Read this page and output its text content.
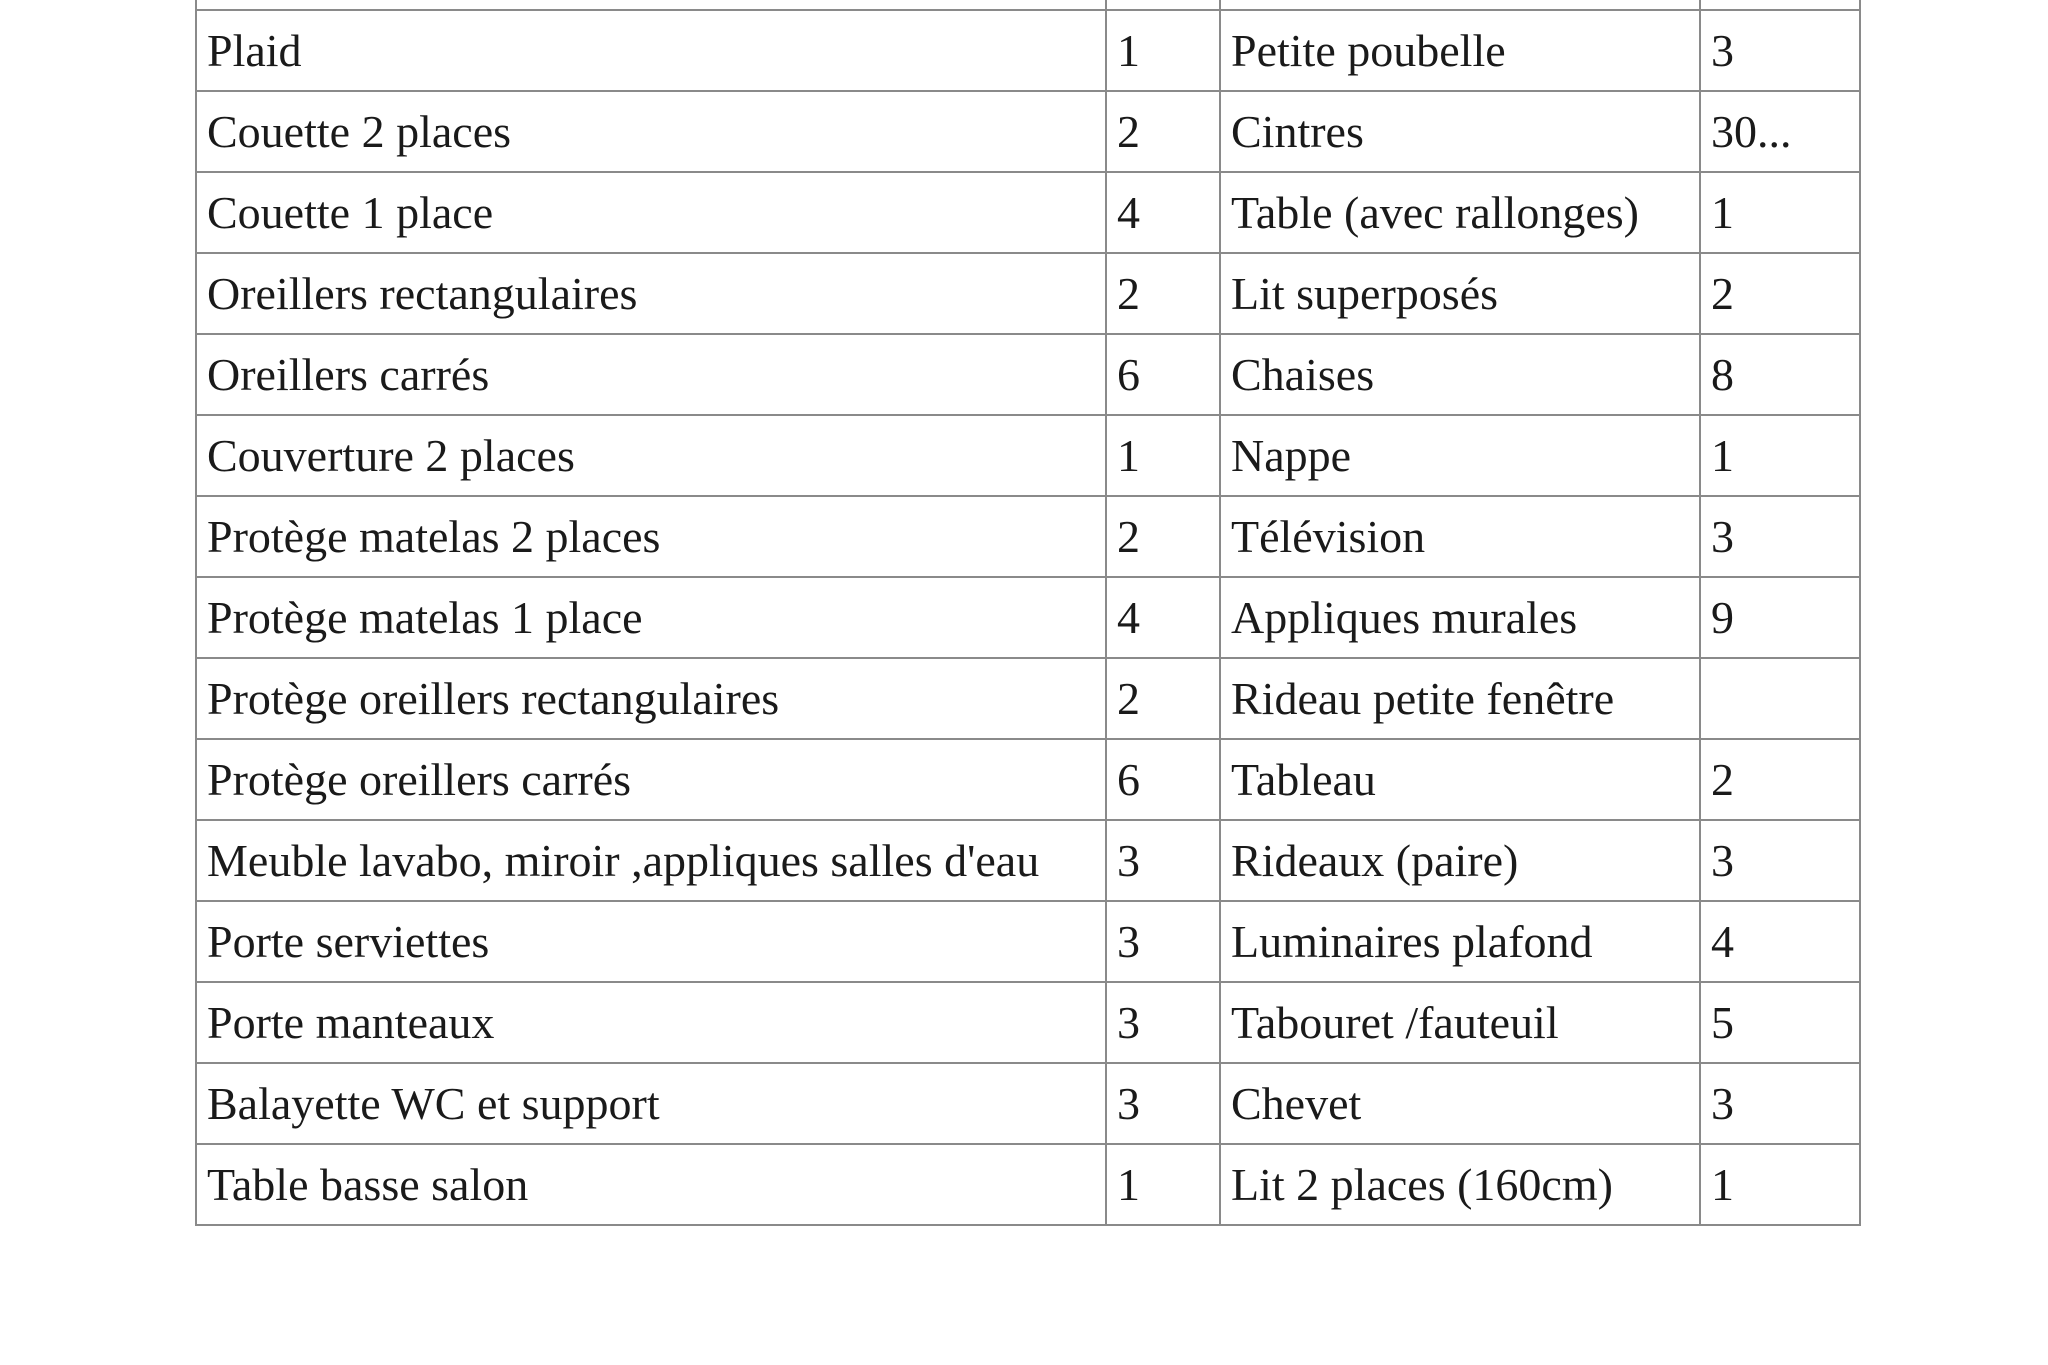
Plaid	1	Petite poubelle	3
Couette 2 places	2	Cintres	30...
Couette 1 place	4	Table (avec rallonges)	1
Oreillers rectangulaires	2	Lit superposés	2
Oreillers carrés	6	Chaises	8
Couverture 2 places	1	Nappe	1
Protège matelas 2 places	2	Télévision	3
Protège matelas 1 place	4	Appliques murales	9
Protège oreillers rectangulaires	2	Rideau petite fenêtre	
Protège oreillers carrés	6	Tableau	2
Meuble lavabo, miroir ,appliques salles d'eau	3	Rideaux (paire)	3
Porte serviettes	3	Luminaires plafond	4
Porte manteaux	3	Tabouret /fauteuil	5
Balayette WC et support	3	Chevet	3
Table basse salon	1	Lit 2 places (160cm)	1
